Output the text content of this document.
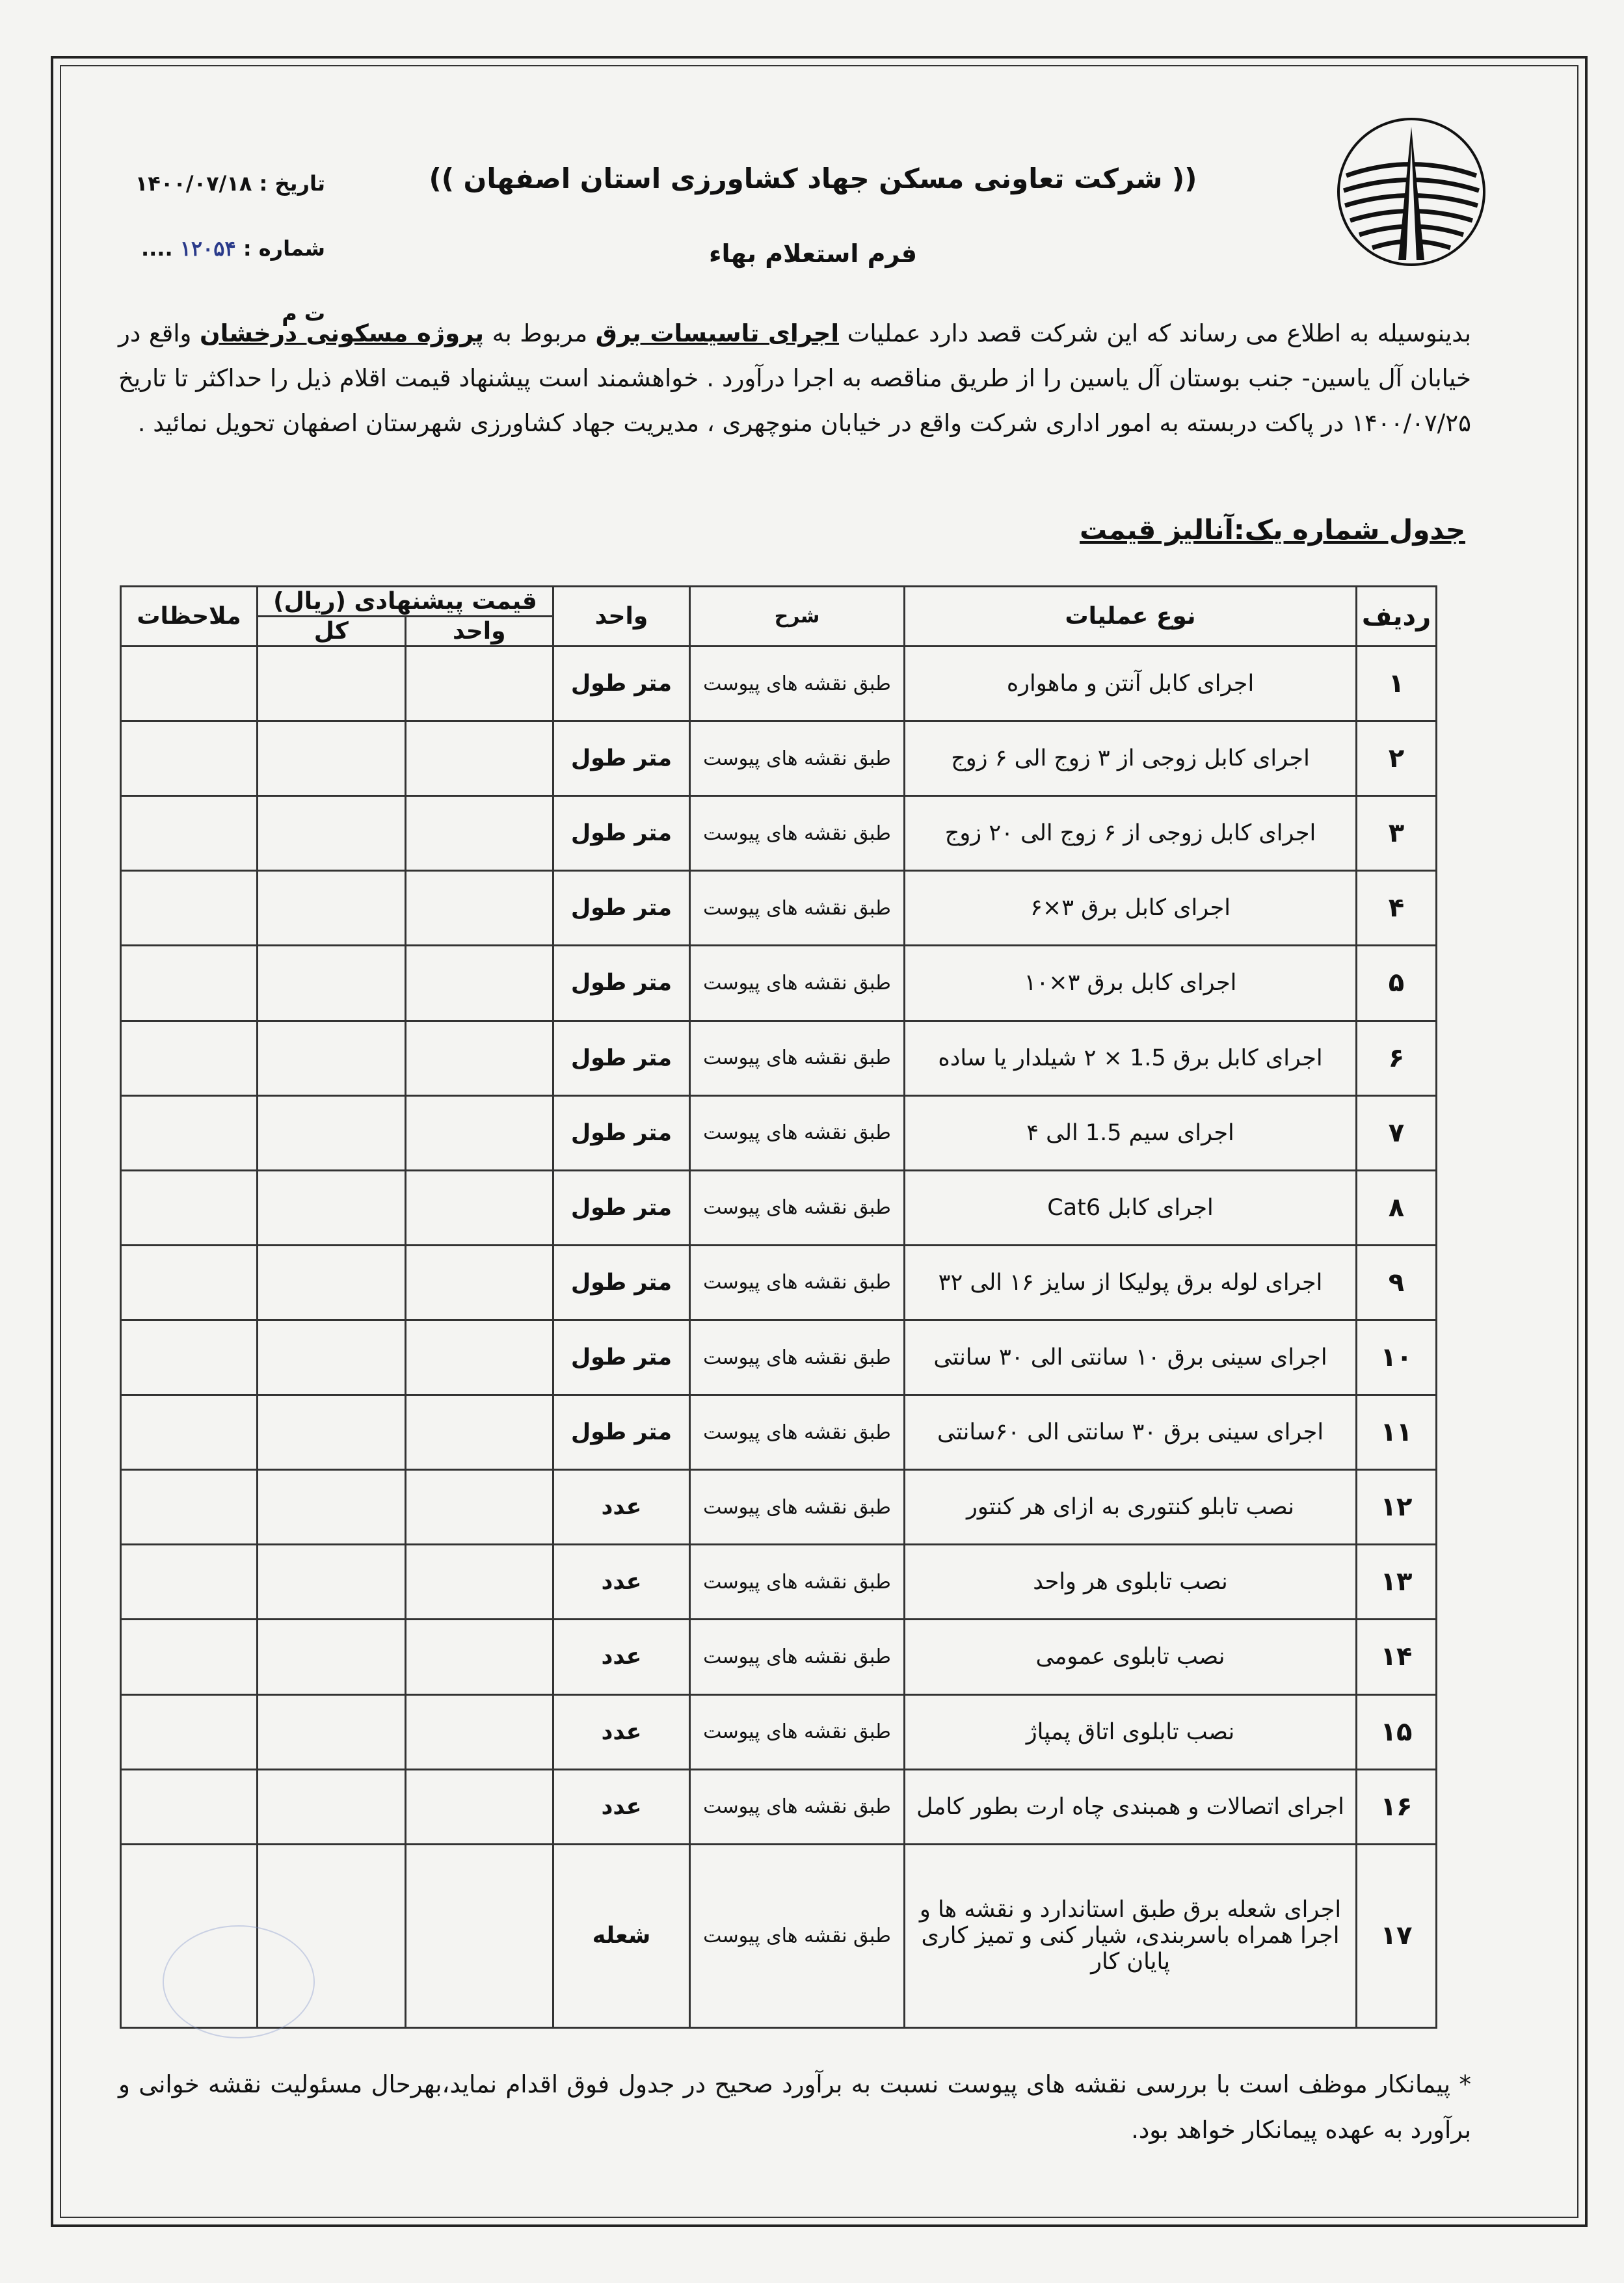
(( شرکت تعاونی مسکن جهاد کشاورزی استان اصفهان ))
فرم استعلام بهاء
تاریخ : ۱۴۰۰/۰۷/۱۸
شماره : ۱۲۰۵۴ .... ت م
بدینوسیله به اطلاع می رساند که این شرکت قصد دارد عملیات اجرای تاسیسات برق مربوط به پروژه مسکونی درخشان واقع در خیابان آل یاسین- جنب بوستان آل یاسین را از طریق مناقصه به اجرا درآورد . خواهشمند است پیشنهاد قیمت اقلام ذیل را حداکثر تا تاریخ ۱۴۰۰/۰۷/۲۵ در پاکت دربسته به امور اداری شرکت واقع در خیابان منوچهری ، مدیریت جهاد کشاورزی شهرستان اصفهان تحویل نمائید .
جدول شماره یک:آنالیز قیمت
ردیف	نوع عملیات	شرح	واحد	قیمت پیشنهادی (ریال)		ملاحظات
				واحد	کل	
۱	اجرای کابل آنتن و ماهواره	طبق نقشه های پیوست	متر طول			
۲	اجرای کابل زوجی از ۳ زوج الی ۶ زوج	طبق نقشه های پیوست	متر طول			
۳	اجرای کابل زوجی از ۶ زوج الی ۲۰ زوج	طبق نقشه های پیوست	متر طول			
۴	اجرای کابل برق ۳×۶	طبق نقشه های پیوست	متر طول			
۵	اجرای کابل برق ۳×۱۰	طبق نقشه های پیوست	متر طول			
۶	اجرای کابل برق 1.5 × ۲ شیلدار یا ساده	طبق نقشه های پیوست	متر طول			
۷	اجرای سیم 1.5 الی ۴	طبق نقشه های پیوست	متر طول			
۸	اجرای کابل Cat6	طبق نقشه های پیوست	متر طول			
۹	اجرای لوله برق پولیکا از سایز ۱۶ الی ۳۲	طبق نقشه های پیوست	متر طول			
۱۰	اجرای سینی برق ۱۰ سانتی الی ۳۰ سانتی	طبق نقشه های پیوست	متر طول			
۱۱	اجرای سینی برق ۳۰ سانتی الی ۶۰سانتی	طبق نقشه های پیوست	متر طول			
۱۲	نصب تابلو کنتوری به ازای هر کنتور	طبق نقشه های پیوست	عدد			
۱۳	نصب تابلوی هر واحد	طبق نقشه های پیوست	عدد			
۱۴	نصب تابلوی عمومی	طبق نقشه های پیوست	عدد			
۱۵	نصب تابلوی اتاق پمپاژ	طبق نقشه های پیوست	عدد			
۱۶	اجرای اتصالات و همبندی چاه ارت بطور کامل	طبق نقشه های پیوست	عدد			
۱۷	اجرای شعله برق طبق استاندارد و نقشه ها و اجرا همراه باسربندی، شیار کنی و تمیز کاری پایان کار	طبق نقشه های پیوست	شعله			
* پیمانکار موظف است با بررسی نقشه های پیوست نسبت به برآورد صحیح در جدول فوق اقدام نماید،بهرحال مسئولیت نقشه خوانی و برآورد به عهده پیمانکار خواهد بود.
